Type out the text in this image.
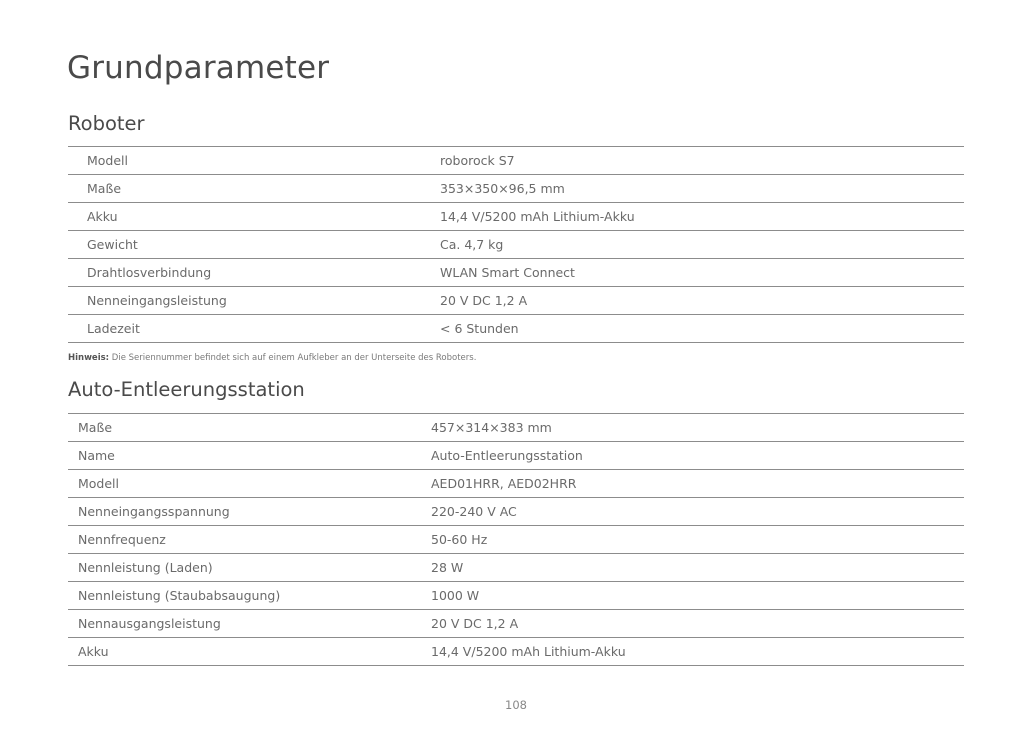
Grundparameter
Roboter
Modell	roborock S7
Maße	353×350×96,5 mm
Akku	14,4 V/5200 mAh Lithium-Akku
Gewicht	Ca. 4,7 kg
Drahtlosverbindung	WLAN Smart Connect
Nenneingangsleistung	20 V DC 1,2 A
Ladezeit	< 6 Stunden
Hinweis: Die Seriennummer befindet sich auf einem Aufkleber an der Unterseite des Roboters.
Auto-Entleerungsstation
Maße	457×314×383 mm
Name	Auto-Entleerungsstation
Modell	AED01HRR, AED02HRR
Nenneingangsspannung	220-240 V AC
Nennfrequenz	50-60 Hz
Nennleistung (Laden)	28 W
Nennleistung (Staubabsaugung)	1000 W
Nennausgangsleistung	20 V DC 1,2 A
Akku	14,4 V/5200 mAh Lithium-Akku
108
